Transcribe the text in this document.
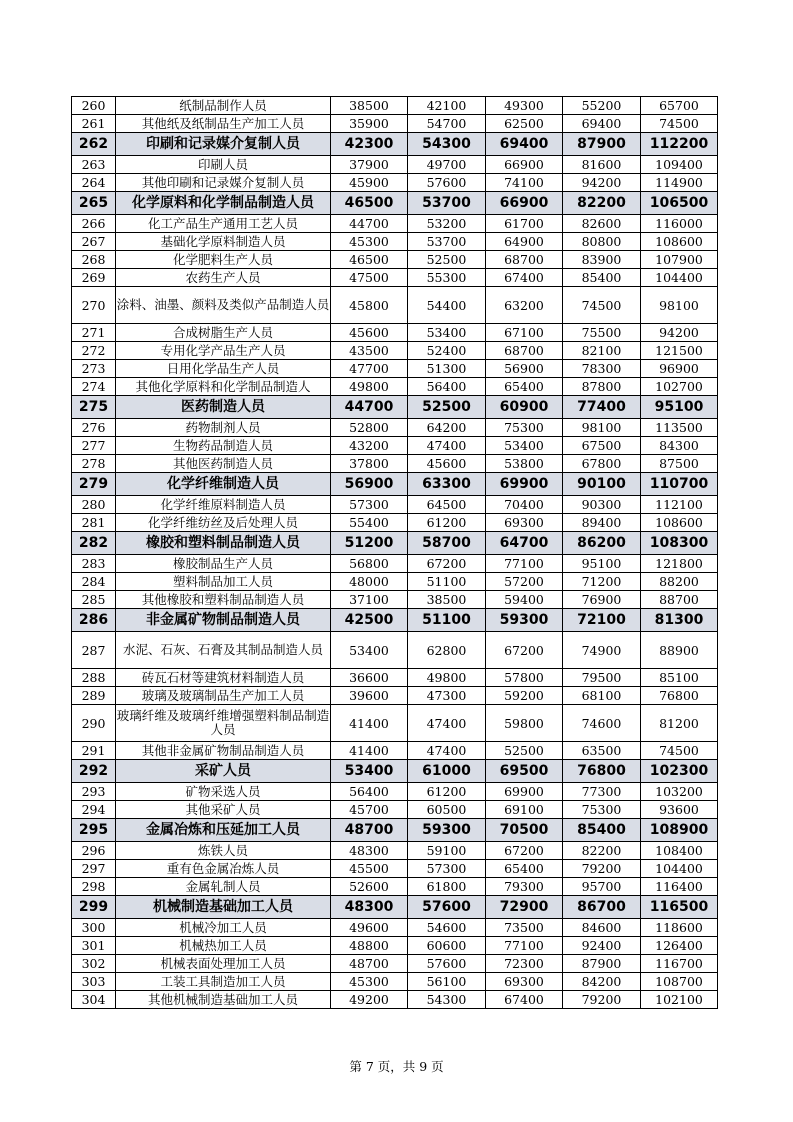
260	纸制品制作人员	38500	42100	49300	55200	65700
261	其他纸及纸制品生产加工人员	35900	54700	62500	69400	74500
262	印刷和记录媒介复制人员	42300	54300	69400	87900	112200
263	印刷人员	37900	49700	66900	81600	109400
264	其他印刷和记录媒介复制人员	45900	57600	74100	94200	114900
265	化学原料和化学制品制造人员	46500	53700	66900	82200	106500
266	化工产品生产通用工艺人员	44700	53200	61700	82600	116000
267	基础化学原料制造人员	45300	53700	64900	80800	108600
268	化学肥料生产人员	46500	52500	68700	83900	107900
269	农药生产人员	47500	55300	67400	85400	104400
270	涂料、油墨、颜料及类似产品制造人员	45800	54400	63200	74500	98100
271	合成树脂生产人员	45600	53400	67100	75500	94200
272	专用化学产品生产人员	43500	52400	68700	82100	121500
273	日用化学品生产人员	47700	51300	56900	78300	96900
274	其他化学原料和化学制品制造人	49800	56400	65400	87800	102700
275	医药制造人员	44700	52500	60900	77400	95100
276	药物制剂人员	52800	64200	75300	98100	113500
277	生物药品制造人员	43200	47400	53400	67500	84300
278	其他医药制造人员	37800	45600	53800	67800	87500
279	化学纤维制造人员	56900	63300	69900	90100	110700
280	化学纤维原料制造人员	57300	64500	70400	90300	112100
281	化学纤维纺丝及后处理人员	55400	61200	69300	89400	108600
282	橡胶和塑料制品制造人员	51200	58700	64700	86200	108300
283	橡胶制品生产人员	56800	67200	77100	95100	121800
284	塑料制品加工人员	48000	51100	57200	71200	88200
285	其他橡胶和塑料制品制造人员	37100	38500	59400	76900	88700
286	非金属矿物制品制造人员	42500	51100	59300	72100	81300
287	水泥、石灰、石膏及其制品制造人员	53400	62800	67200	74900	88900
288	砖瓦石材等建筑材料制造人员	36600	49800	57800	79500	85100
289	玻璃及玻璃制品生产加工人员	39600	47300	59200	68100	76800
290	玻璃纤维及玻璃纤维增强塑料制品制造人员	41400	47400	59800	74600	81200
291	其他非金属矿物制品制造人员	41400	47400	52500	63500	74500
292	采矿人员	53400	61000	69500	76800	102300
293	矿物采选人员	56400	61200	69900	77300	103200
294	其他采矿人员	45700	60500	69100	75300	93600
295	金属冶炼和压延加工人员	48700	59300	70500	85400	108900
296	炼铁人员	48300	59100	67200	82200	108400
297	重有色金属冶炼人员	45500	57300	65400	79200	104400
298	金属轧制人员	52600	61800	79300	95700	116400
299	机械制造基础加工人员	48300	57600	72900	86700	116500
300	机械冷加工人员	49600	54600	73500	84600	118600
301	机械热加工人员	48800	60600	77100	92400	126400
302	机械表面处理加工人员	48700	57600	72300	87900	116700
303	工装工具制造加工人员	45300	56100	69300	84200	108700
304	其他机械制造基础加工人员	49200	54300	67400	79200	102100
第 7 页，共 9 页
